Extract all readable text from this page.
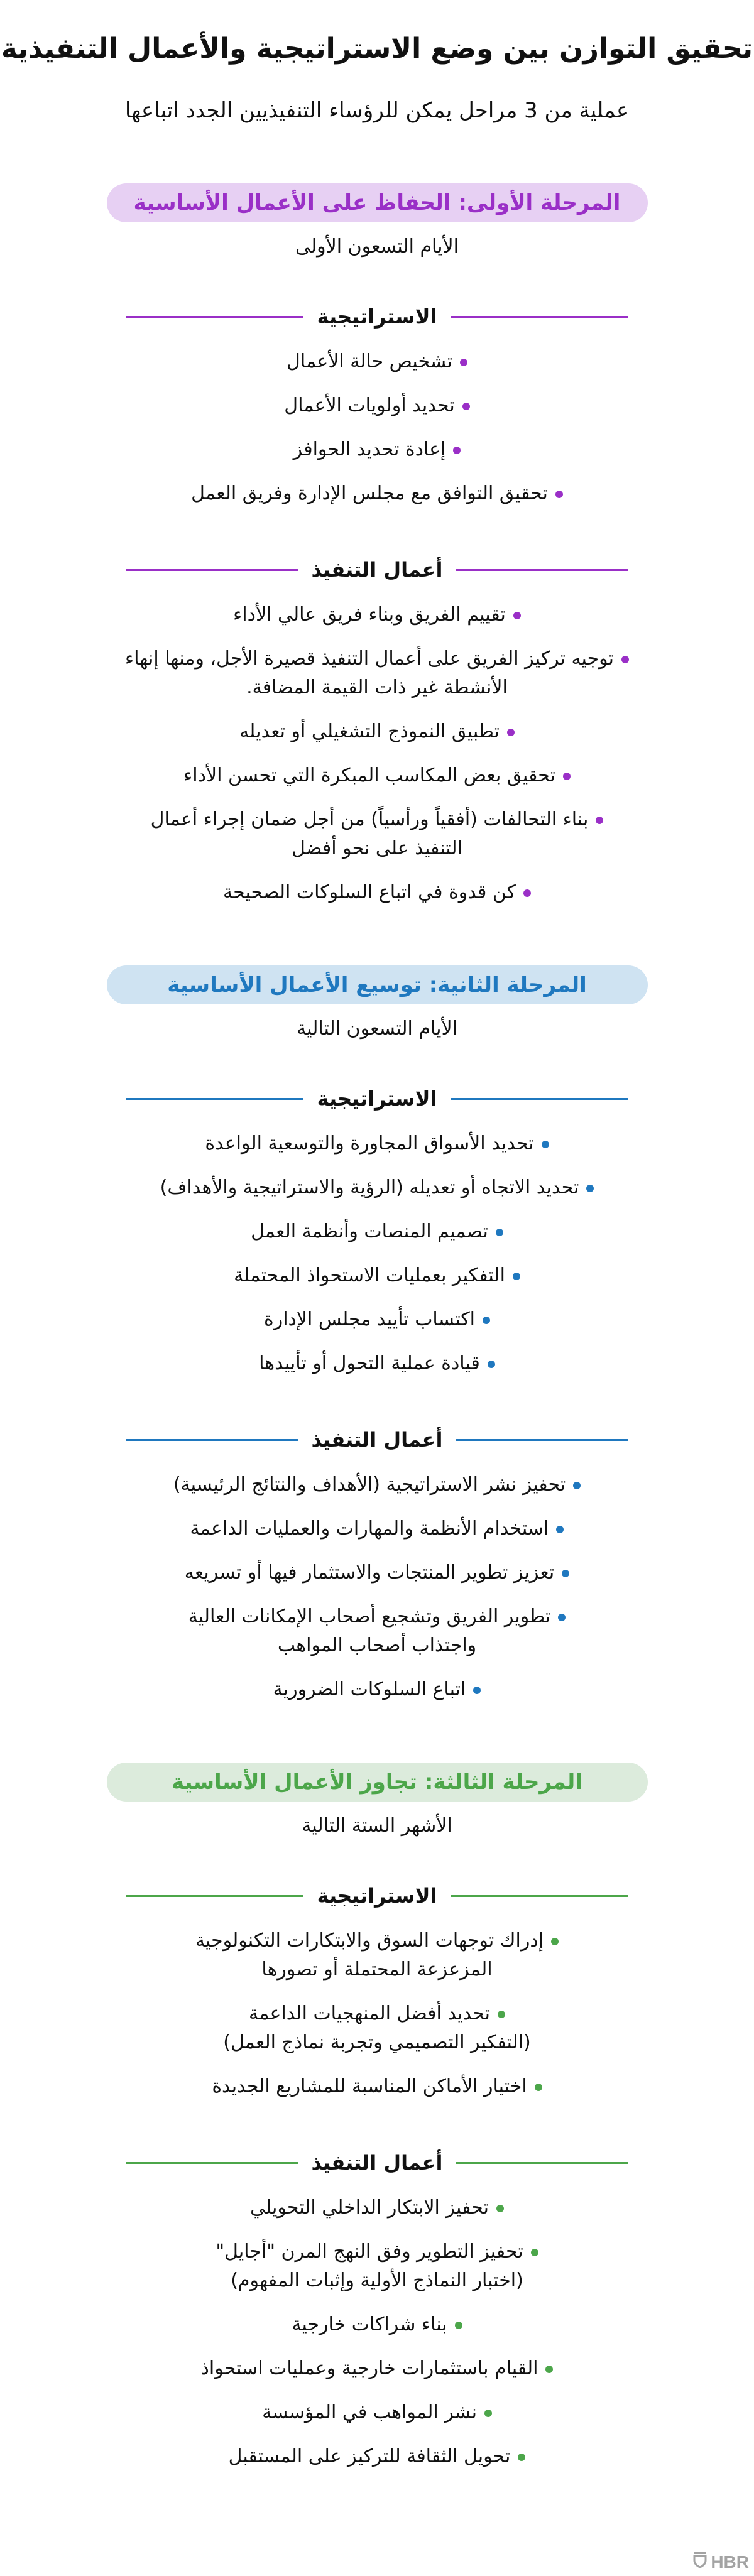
تحقيق التوازن بين وضع الاستراتيجية والأعمال التنفيذية
عملية من 3 مراحل يمكن للرؤساء التنفيذيين الجدد اتباعها
المرحلة الأولى: الحفاظ على الأعمال الأساسية
الأيام التسعون الأولى
الاستراتيجية
تشخيص حالة الأعمال
تحديد أولويات الأعمال
إعادة تحديد الحوافز
تحقيق التوافق مع مجلس الإدارة وفريق العمل
أعمال التنفيذ
تقييم الفريق وبناء فريق عالي الأداء
توجيه تركيز الفريق على أعمال التنفيذ قصيرة الأجل، ومنها إنهاء
الأنشطة غير ذات القيمة المضافة.
تطبيق النموذج التشغيلي أو تعديله
تحقيق بعض المكاسب المبكرة التي تحسن الأداء
بناء التحالفات (أفقياً ورأسياً) من أجل ضمان إجراء أعمال
التنفيذ على نحو أفضل
كن قدوة في اتباع السلوكات الصحيحة
المرحلة الثانية: توسيع الأعمال الأساسية
الأيام التسعون التالية
الاستراتيجية
تحديد الأسواق المجاورة والتوسعية الواعدة
تحديد الاتجاه أو تعديله (الرؤية والاستراتيجية والأهداف)
تصميم المنصات وأنظمة العمل
التفكير بعمليات الاستحواذ المحتملة
اكتساب تأييد مجلس الإدارة
قيادة عملية التحول أو تأييدها
أعمال التنفيذ
تحفيز نشر الاستراتيجية (الأهداف والنتائج الرئيسية)
استخدام الأنظمة والمهارات والعمليات الداعمة
تعزيز تطوير المنتجات والاستثمار فيها أو تسريعه
تطوير الفريق وتشجيع أصحاب الإمكانات العالية
واجتذاب أصحاب المواهب
اتباع السلوكات الضرورية
المرحلة الثالثة: تجاوز الأعمال الأساسية
الأشهر الستة التالية
الاستراتيجية
إدراك توجهات السوق والابتكارات التكنولوجية
المزعزعة المحتملة أو تصورها
تحديد أفضل المنهجيات الداعمة
(التفكير التصميمي وتجربة نماذج العمل)
اختيار الأماكن المناسبة للمشاريع الجديدة
أعمال التنفيذ
تحفيز الابتكار الداخلي التحويلي
تحفيز التطوير وفق النهج المرن "أجايل"
(اختبار النماذج الأولية وإثبات المفهوم)
بناء شراكات خارجية
القيام باستثمارات خارجية وعمليات استحواذ
نشر المواهب في المؤسسة
تحويل الثقافة للتركيز على المستقبل
HBR
